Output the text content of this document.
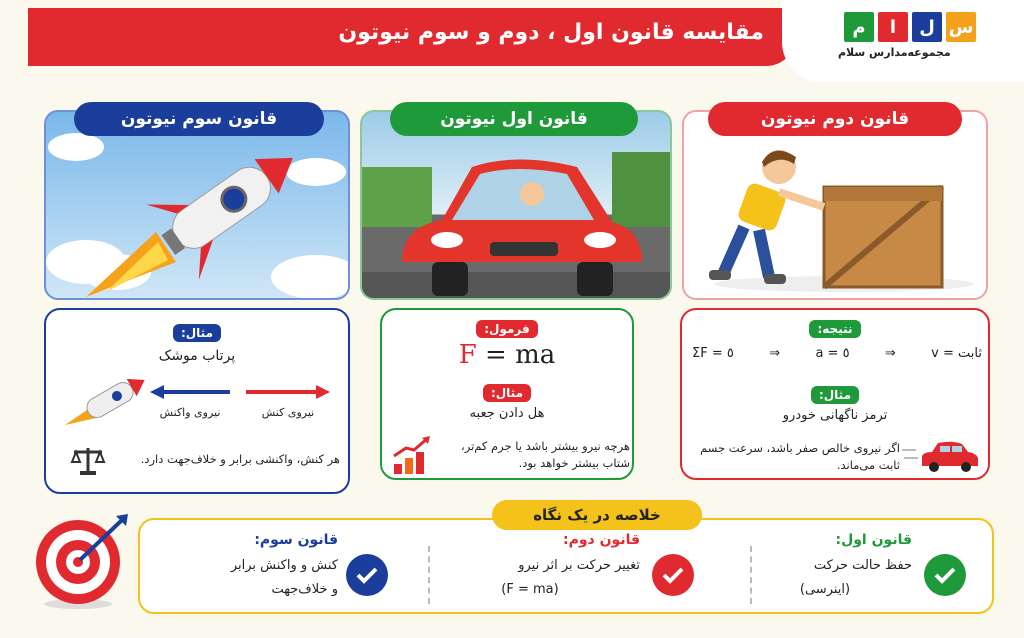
مقایسه قانون اول ، دوم و سوم نیوتون	م	ا	ل س
مجموعه‌مدارس سلام
قانون سوم نیوتون	قانون اول نیوتون	قانون دوم نیوتون
مثال:
پرتاب موشک
نیروی واکنش	نیروی کنش
هر کنش، واکنشی برابر و خلاف‌جهت دارد.
فرمول:
F = ma
مثال:
هل دادن جعبه
هرچه نیرو بیشتر باشد یا جرم کم‌تر، شتاب بیشتر خواهد بود.
نتیجه:
ΣF = ٥	⇒	a = ٥	⇒	ثابت = v
مثال:
ترمز ناگهانی خودرو
اگر نیروی خالص صفر باشد، سرعت جسم ثابت می‌ماند.
قانون سوم:
کنش و واکنش برابر
و خلاف‌جهت
قانون دوم:
تغییر حرکت بر اثر نیرو
(F = ma)
قانون اول:
حفظ حالت حرکت
(اینرسی)
خلاصه در یک نگاه
